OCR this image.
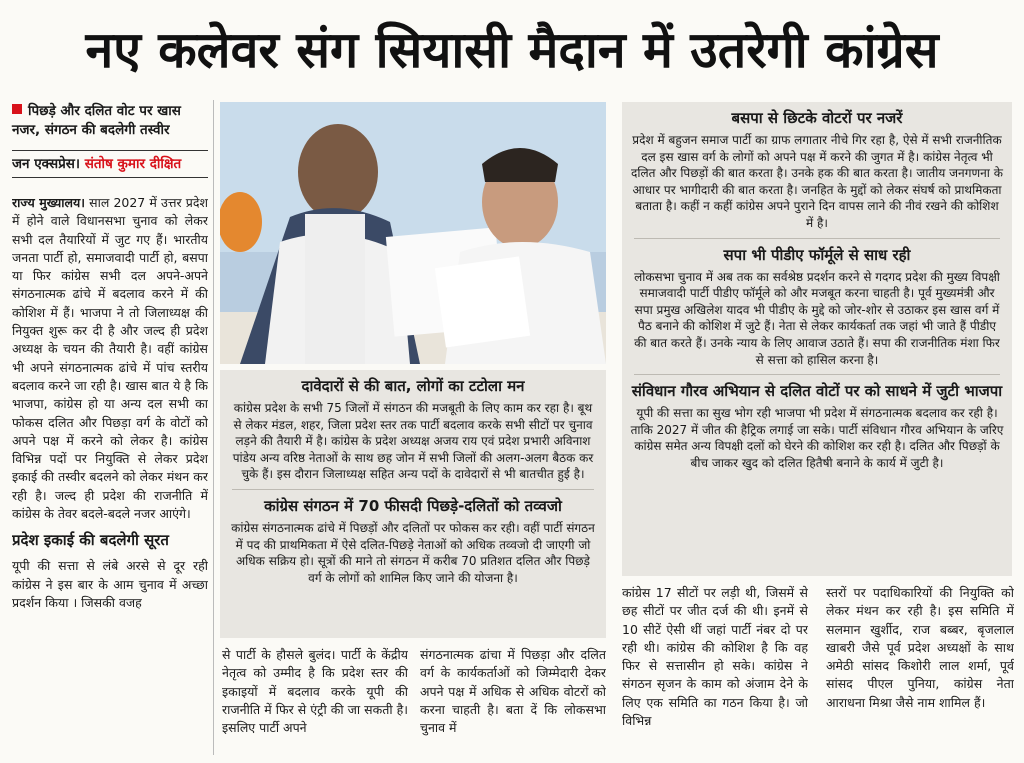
नए कलेवर संग सियासी मैदान में उतरेगी कांग्रेस
पिछड़े और दलित वोट पर खास नजर, संगठन की बदलेगी तस्वीर
जन एक्सप्रेस। संतोष कुमार दीक्षित

राज्य मुख्यालय। साल 2027 में उत्तर प्रदेश में होने वाले विधानसभा चुनाव को लेकर सभी दल तैयारियों में जुट गए हैं। भारतीय जनता पार्टी हो, समाजवादी पार्टी हो, बसपा या फिर कांग्रेस सभी दल अपने-अपने संगठनात्मक ढांचे में बदलाव करने में की कोशिश में हैं। भाजपा ने तो जिलाध्यक्ष की नियुक्त शुरू कर दी है और जल्द ही प्रदेश अध्यक्ष के चयन की तैयारी है। वहीं कांग्रेस भी अपने संगठनात्मक ढांचे में पांच स्तरीय बदलाव करने जा रही है। खास बात ये है कि भाजपा, कांग्रेस हो या अन्य दल सभी का फोकस दलित और पिछड़ा वर्ग के वोटों को अपने पक्ष में करने को लेकर है। कांग्रेस विभिन्न पदों पर नियुक्ति से लेकर प्रदेश इकाई की तस्वीर बदलने को लेकर मंथन कर रही है। जल्द ही प्रदेश की राजनीति में कांग्रेस के तेवर बदले-बदले नजर आएंगे।

प्रदेश इकाई की बदलेगी सूरत

यूपी की सत्ता से लंबे अरसे से दूर रही कांग्रेस ने इस बार के आम चुनाव में अच्छा प्रदर्शन किया । जिसकी वजह

दावेदारों से की बात, लोगों का टटोला मन

कांग्रेस प्रदेश के सभी 75 जिलों में संगठन की मजबूती के लिए काम कर रहा है। बूथ से लेकर मंडल, शहर, जिला प्रदेश स्तर तक पार्टी बदलाव करके सभी सीटों पर चुनाव लड़ने की तैयारी में है। कांग्रेस के प्रदेश अध्यक्ष अजय राय एवं प्रदेश प्रभारी अविनाश पांडेय अन्य वरिष्ठ नेताओं के साथ छह जोन में सभी जिलों की अलग-अलग बैठक कर चुके हैं। इस दौरान जिलाध्यक्ष सहित अन्य पदों के दावेदारों से भी बातचीत हुई है।

कांग्रेस संगठन में 70 फीसदी पिछड़े-दलितों को तव्वजो

कांग्रेस संगठनात्मक ढांचे में पिछड़ों और दलितों पर फोकस कर रही। वहीं पार्टी संगठन में पद की प्राथमिकता में ऐसे दलित-पिछड़े नेताओं को अधिक तव्वजो दी जाएगी जो अधिक सक्रिय हो। सूत्रों की माने तो संगठन में करीब 70 प्रतिशत दलित और पिछड़े वर्ग के लोगों को शामिल किए जाने की योजना है।

बसपा से छिटके वोटरों पर नजरें

प्रदेश में बहुजन समाज पार्टी का ग्राफ लगातार नीचे गिर रहा है, ऐसे में सभी राजनीतिक दल इस खास वर्ग के लोगों को अपने पक्ष में करने की जुगत में है। कांग्रेस नेतृत्व भी दलित और पिछड़ों की बात करता है। उनके हक की बात करता है। जातीय जनगणना के आधार पर भागीदारी की बात करता है। जनहित के मुद्दों को लेकर संघर्ष को प्राथमिकता बताता है। कहीं न कहीं कांग्रेस अपने पुराने दिन वापस लाने की नीवं रखने की कोशिश में है।

सपा भी पीडीए फॉर्मूले से साध रही

लोकसभा चुनाव में अब तक का सर्वश्रेष्ठ प्रदर्शन करने से गदगद प्रदेश की मुख्य विपक्षी समाजवादी पार्टी पीडीए फॉर्मूले को और मजबूत करना चाहती है। पूर्व मुख्यमंत्री और सपा प्रमुख अखिलेश यादव भी पीडीए के मुद्दे को जोर-शोर से उठाकर इस खास वर्ग में पैठ बनाने की कोशिश में जुटे हैं। नेता से लेकर कार्यकर्ता तक जहां भी जाते हैं पीडीए की बात करते हैं। उनके न्याय के लिए आवाज उठाते हैं। सपा की राजनीतिक मंशा फिर से सत्ता को हासिल करना है।

संविधान गौरव अभियान से दलित वोटों पर को साधने में जुटी भाजपा

यूपी की सत्ता का सुख भोग रही भाजपा भी प्रदेश में संगठनात्मक बदलाव कर रही है। ताकि 2027 में जीत की हैट्रिक लगाई जा सके। पार्टी संविधान गौरव अभियान के जरिए कांग्रेस समेत अन्य विपक्षी दलों को घेरने की कोशिश कर रही है। दलित और पिछड़ों के बीच जाकर खुद को दलित हितैषी बनाने के कार्य में जुटी है।

से पार्टी के हौसले बुलंद। पार्टी के केंद्रीय नेतृत्व को उम्मीद है कि प्रदेश स्तर की इकाइयों में बदलाव करके यूपी की राजनीति में फिर से एंट्री की जा सकती है। इसलिए पार्टी अपने

संगठनात्मक ढांचा में पिछड़ा और दलित वर्ग के कार्यकर्ताओं को जिम्मेदारी देकर अपने पक्ष में अधिक से अधिक वोटरों को करना चाहती है। बता दें कि लोकसभा चुनाव में

कांग्रेस 17 सीटों पर लड़ी थी, जिसमें से छह सीटों पर जीत दर्ज की थी। इनमें से 10 सीटें ऐसी थीं जहां पार्टी नंबर दो पर रही थी। कांग्रेस की कोशिश है कि वह फिर से सत्तासीन हो सके। कांग्रेस ने संगठन सृजन के काम को अंजाम देने के लिए एक समिति का गठन किया है। जो विभिन्न

स्तरों पर पदाधिकारियों की नियुक्ति को लेकर मंथन कर रही है। इस समिति में सलमान खुर्शीद, राज बब्बर, बृजलाल खाबरी जैसे पूर्व प्रदेश अध्यक्षों के साथ अमेठी सांसद किशोरी लाल शर्मा, पूर्व सांसद पीएल पुनिया, कांग्रेस नेता आराधना मिश्रा जैसे नाम शामिल हैं।
